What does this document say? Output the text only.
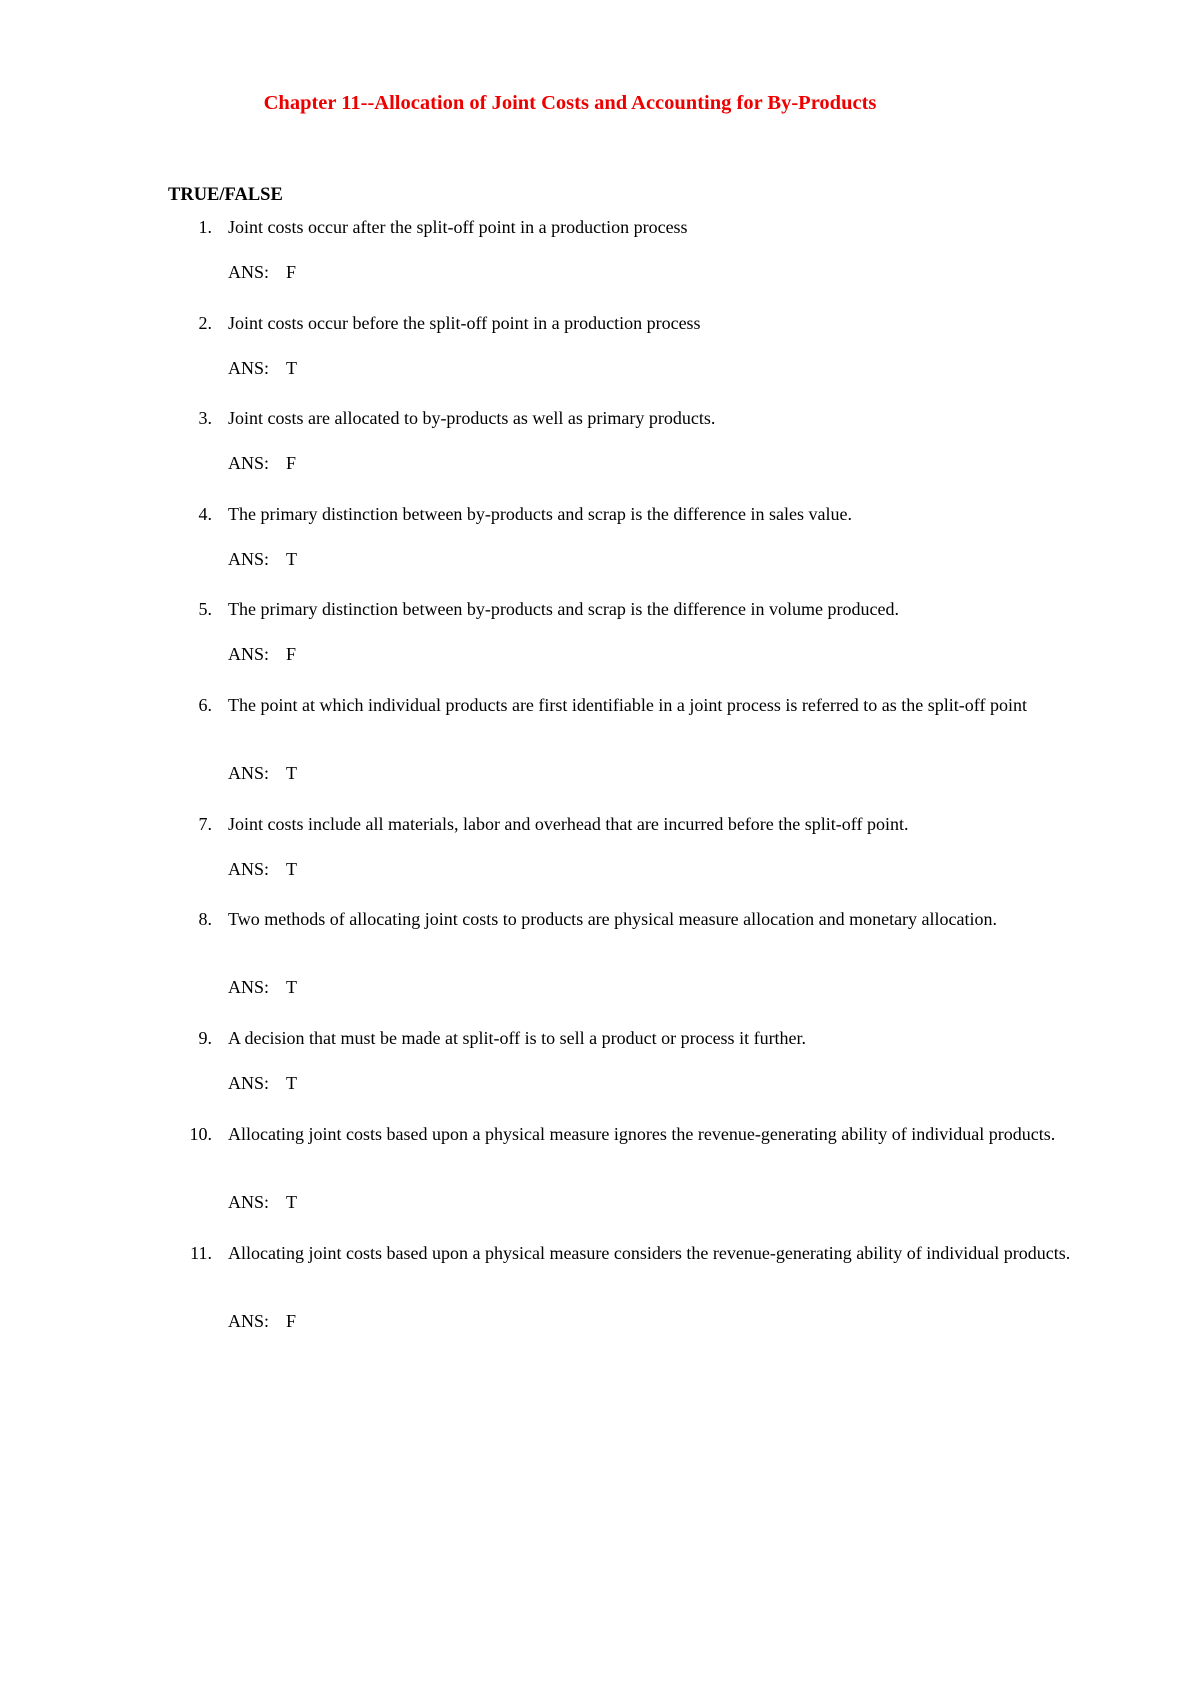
Chapter 11--Allocation of Joint Costs and Accounting for By-Products
TRUE/FALSE
1. Joint costs occur after the split-off point in a production process
ANS: F
2. Joint costs occur before the split-off point in a production process
ANS: T
3. Joint costs are allocated to by-products as well as primary products.
ANS: F
4. The primary distinction between by-products and scrap is the difference in sales value.
ANS: T
5. The primary distinction between by-products and scrap is the difference in volume produced.
ANS: F
6. The point at which individual products are first identifiable in a joint process is referred to as the split-off point
ANS: T
7. Joint costs include all materials, labor and overhead that are incurred before the split-off point.
ANS: T
8. Two methods of allocating joint costs to products are physical measure allocation and monetary allocation.
ANS: T
9. A decision that must be made at split-off is to sell a product or process it further.
ANS: T
10. Allocating joint costs based upon a physical measure ignores the revenue-generating ability of individual products.
ANS: T
11. Allocating joint costs based upon a physical measure considers the revenue-generating ability of individual products.
ANS: F
